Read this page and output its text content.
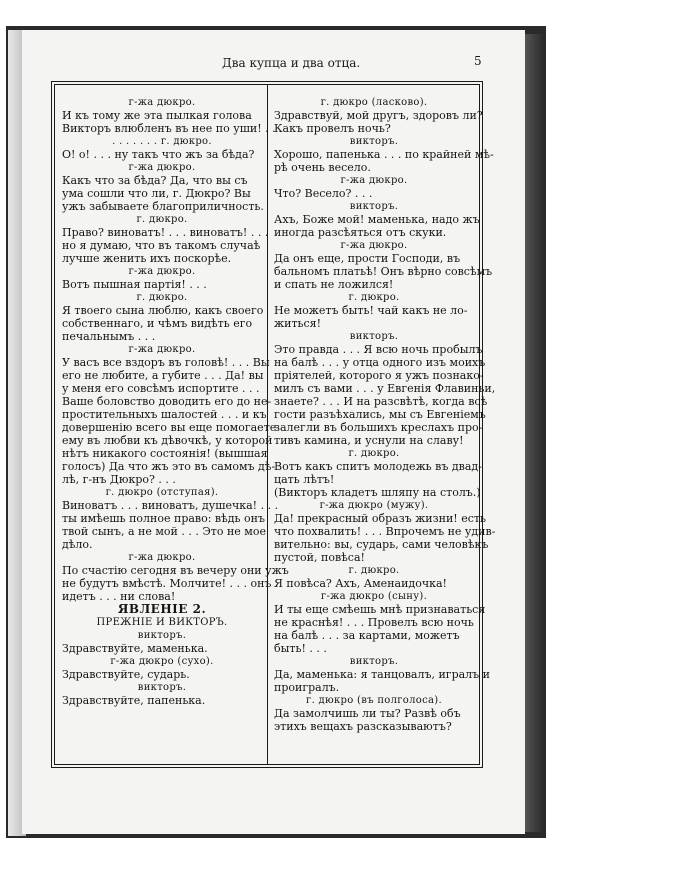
Два купца и два отца.	5
г-жа дюкро.
И къ тому же эта пылкая голова
Викторъ влюбленъ въ нее по уши! . . .
. . . . . . . г. дюкро.
О! о! . . . ну такъ что жъ за бѣда?
г-жа дюкро.
Какъ что за бѣда? Да, что вы съ
ума сошли что ли, г. Дюкро? Вы
ужъ забываете благоприличность.
г. дюкро.
Право? виноватъ! . . . виноватъ! . . .
но я думаю, что въ такомъ случаѣ
лучше женить ихъ поскорѣе.
г-жа дюкро.
Вотъ пышная партія! . . .
г. дюкро.
Я твоего сына люблю, какъ своего
собственнаго, и чѣмъ видѣть его
печальнымъ . . .
г-жа дюкро.
У васъ все вздоръ въ головѣ! . . . Вы
его не любите, а губите . . . Да! вы
у меня его совсѣмъ испортите . . .
Ваше боловство доводить его до не-
простительныхъ шалостей . . . и къ
довершенію всего вы еще помогаете
ему въ любви къ дѣвочкѣ, у которой
нѣтъ никакого состоянія! (вышшая
голосъ) Да что жъ это въ самомъ дѣ-
лѣ, г-нъ Дюкро? . . .
г. дюкро (отступая).
Виноватъ . . . виноватъ, душечка! . . .
ты имѣешь полное право: вѣдь онъ
твой сынъ, а не мой . . . Это не мое
дѣло.
г-жа дюкро.
По счастію сегодня въ вечеру они ужъ
не будутъ вмѣстѣ. Молчите! . . . онъ
идетъ . . . ни слова!
ЯВЛЕНІЕ 2.
ПРЕЖНІЕ И ВИКТОРЪ.
викторъ.
Здравствуйте, маменька.
г-жа дюкро (сухо).
Здравствуйте, сударь.
викторъ.
Здравствуйте, папенька.
г. дюкро (ласково).
Здравствуй, мой другъ, здоровъ ли?
Какъ провелъ ночь?
викторъ.
Хорошо, папенька . . . по крайней мѣ-
рѣ очень весело.
г-жа дюкро.
Что? Весело? . . .
викторъ.
Ахъ, Боже мой! маменька, надо жъ
иногда разсѣяться отъ скуки.
г-жа дюкро.
Да онъ еще, прости Господи, въ
бальномъ платьѣ! Онъ вѣрно совсѣмъ
и спать не ложился!
г. дюкро.
Не можетъ быть! чай какъ не ло-
житься!
викторъ.
Это правда . . . Я всю ночь пробылъ
на балѣ . . . у отца одного изъ моихъ
пріятелей, которого я ужъ познако-
милъ съ вами . . . у Евгенія Флавиньи,
знаете? . . . И на разсвѣтѣ, когда всѣ
гости разъѣхались, мы съ Евгеніемъ
залегли въ большихъ креслахъ про-
тивъ камина, и уснули на славу!
г. дюкро.
Вотъ какъ спитъ молодежь въ двад-
цать лѣтъ!
(Викторъ кладетъ шляпу на столъ.)
г-жа дюкро (мужу).
Да! прекрасный образъ жизни! есть
что похвалить! . . . Впрочемъ не удив-
вительно: вы, сударь, сами человѣкъ
пустой, повѣса!
г. дюкро.
Я повѣса? Ахъ, Аменаидочка!
г-жа дюкро (сыну).
И ты еще смѣешь мнѣ признаваться
не краснѣя! . . . Провелъ всю ночь
на балѣ . . . за картами, можетъ
быть! . . .
викторъ.
Да, маменька: я танцовалъ, игралъ и
проигралъ.
г. дюкро (въ полголоса).
Да замолчишь ли ты? Развѣ объ
этихъ вещахъ разсказываютъ?
